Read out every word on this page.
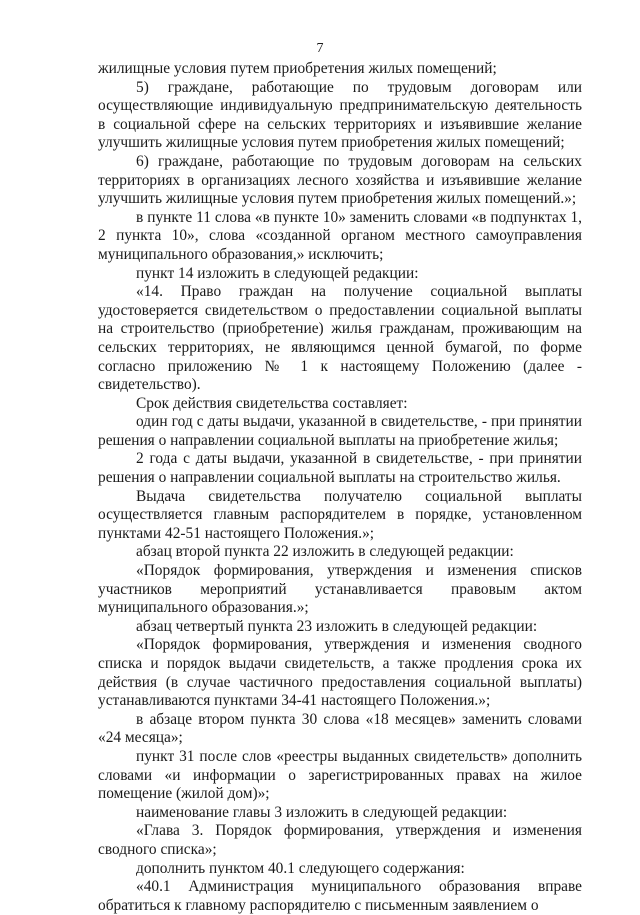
7

жилищные условия путем приобретения жилых помещений;

5) граждане, работающие по трудовым договорам или осуществляющие индивидуальную предпринимательскую деятельность в социальной сфере на сельских территориях и изъявившие желание улучшить жилищные условия путем приобретения жилых помещений;

6) граждане, работающие по трудовым договорам на сельских территориях в организациях лесного хозяйства и изъявившие желание улучшить жилищные условия путем приобретения жилых помещений.»;

в пункте 11 слова «в пункте 10» заменить словами «в подпунктах 1, 2 пункта 10», слова «созданной органом местного самоуправления муниципального образования,» исключить;

пункт 14 изложить в следующей редакции:

«14. Право граждан на получение социальной выплаты удостоверяется свидетельством о предоставлении социальной выплаты на строительство (приобретение) жилья гражданам, проживающим на сельских территориях, не являющимся ценной бумагой, по форме согласно приложению № 1 к настоящему Положению (далее - свидетельство).

Срок действия свидетельства составляет:

один год с даты выдачи, указанной в свидетельстве, - при принятии решения о направлении социальной выплаты на приобретение жилья;

2 года с даты выдачи, указанной в свидетельстве, - при принятии решения о направлении социальной выплаты на строительство жилья.

Выдача свидетельства получателю социальной выплаты осуществляется главным распорядителем в порядке, установленном пунктами 42-51 настоящего Положения.»;

абзац второй пункта 22 изложить в следующей редакции:

«Порядок формирования, утверждения и изменения списков участников мероприятий устанавливается правовым актом муниципального образования.»;

абзац четвертый пункта 23 изложить в следующей редакции:

«Порядок формирования, утверждения и изменения сводного списка и порядок выдачи свидетельств, а также продления срока их действия (в случае частичного предоставления социальной выплаты) устанавливаются пунктами 34-41 настоящего Положения.»;

в абзаце втором пункта 30 слова «18 месяцев» заменить словами «24 месяца»;

пункт 31 после слов «реестры выданных свидетельств» дополнить словами «и информации о зарегистрированных правах на жилое помещение (жилой дом)»;

наименование главы 3 изложить в следующей редакции:

«Глава 3. Порядок формирования, утверждения и изменения сводного списка»;

дополнить пунктом 40.1 следующего содержания:

«40.1 Администрация муниципального образования вправе обратиться к главному распорядителю с письменным заявлением о
